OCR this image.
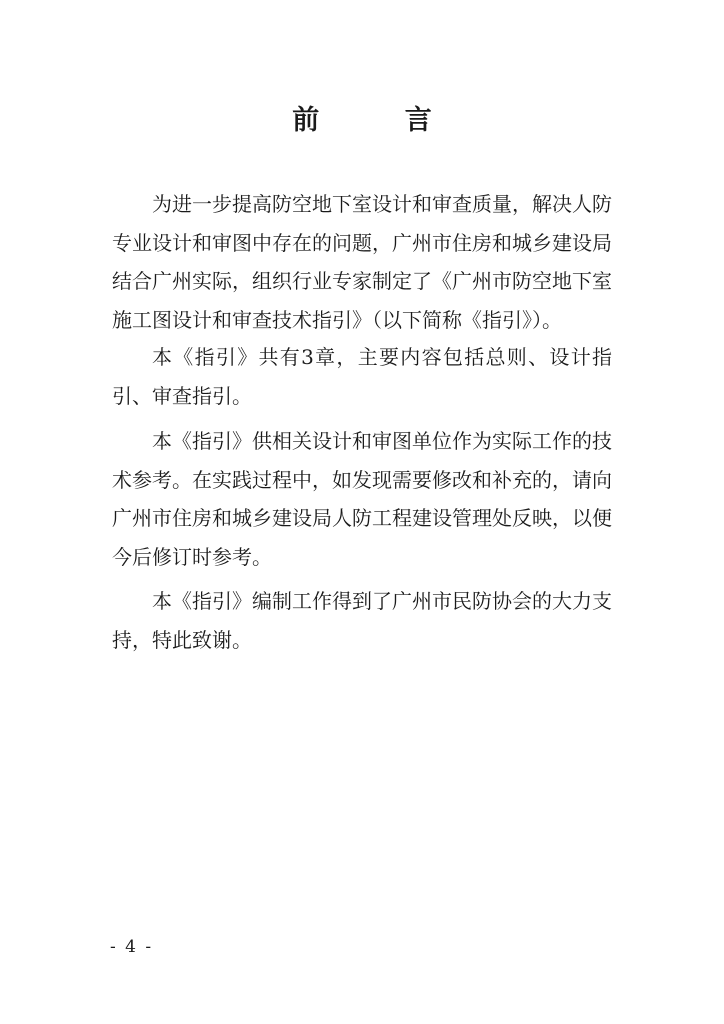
前 言

为进一步提高防空地下室设计和审查质量，解决人防专业设计和审图中存在的问题，广州市住房和城乡建设局结合广州实际，组织行业专家制定了《广州市防空地下室施工图设计和审查技术指引》（以下简称《指引》）。

本《指引》共有3章，主要内容包括总则、设计指引、审查指引。

本《指引》供相关设计和审图单位作为实际工作的技术参考。在实践过程中，如发现需要修改和补充的，请向广州市住房和城乡建设局人防工程建设管理处反映，以便今后修订时参考。

本《指引》编制工作得到了广州市民防协会的大力支持，特此致谢。

- 4 -
